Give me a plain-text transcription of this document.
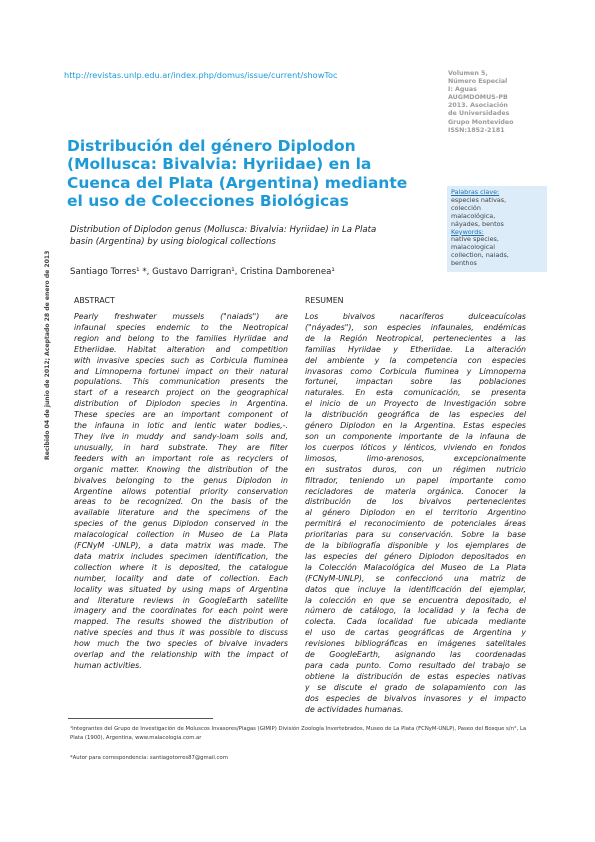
http://revistas.unlp.edu.ar/index.php/domus/issue/current/showToc	Volumen 5,
Número Especial
I: Aguas
AUGMDOMUS-PB
2013. Asociación
de Universidades
Grupo Montevideo
ISSN:1852-2181
Distribución del género Diplodon
(Mollusca: Bivalvia: Hyriidae) en la
Cuenca del Plata (Argentina) mediante
el uso de Colecciones Biológicas
Palabras clave:
especies nativas,
colección
malacológica,
náyades, bentos
Keywords:
native species,
malacological
collection, naiads,
benthos
Distribution of Diplodon genus (Mollusca: Bivalvia: Hyriidae) in La Plata
basin (Argentina) by using biological collections
Santiago Torres¹ *, Gustavo Darrigran¹, Cristina Damborenea¹
ABSTRACT	RESUMEN
Pearly freshwater mussels ("naiads") are
infaunal species endemic to the Neotropical
region and belong to the families Hyriidae and
Etheriidae. Habitat alteration and competition
with invasive species such as Corbicula fluminea
and Limnoperna fortunei impact on their natural
populations. This communication presents the
start of a research project on the geographical
distribution of Diplodon species in Argentina.
These species are an important component of
the infauna in lotic and lentic water bodies,-.
They live in muddy and sandy-loam soils and,
unusually, in hard substrate. They are filter
feeders with an important role as recyclers of
organic matter. Knowing the distribution of the
bivalves belonging to the genus Diplodon in
Argentine allows potential priority conservation
areas to be recognized. On the basis of the
available literature and the specimens of the
species of the genus Diplodon conserved in the
malacological collection in Museo de La Plata
(FCNyM -UNLP), a data matrix was made. The
data matrix includes specimen identification, the
collection where it is deposited, the catalogue
number, locality and date of collection. Each
locality was situated by using maps of Argentina
and literature reviews in GoogleEarth satellite
imagery and the coordinates for each point were
mapped. The results showed the distribution of
native species and thus it was possible to discuss
how much the two species of bivalve invaders
overlap and the relationship with the impact of
human activities.
Los bivalvos nacaríferos dulceacuícolas
("náyades"), son especies infaunales, endémicas
de la Región Neotropical, pertenecientes a las
familias Hyriidae y Etheriidae. La alteración
del ambiente y la competencia con especies
invasoras como Corbicula fluminea y Limnoperna
fortunei, impactan sobre las poblaciones
naturales. En esta comunicación, se presenta
el inicio de un Proyecto de Investigación sobre
la distribución geográfica de las especies del
género Diplodon en la Argentina. Estas especies
son un componente importante de la infauna de
los cuerpos lóticos y lénticos, viviendo en fondos
limosos, limo-arenosos, excepcionalmente
en sustratos duros, con un régimen nutricio
filtrador, teniendo un papel importante como
recicladores de materia orgánica. Conocer la
distribución de los bivalvos pertenecientes
al género Diplodon en el territorio Argentino
permitirá el reconocimiento de potenciales áreas
prioritarias para su conservación. Sobre la base
de la bibliografía disponible y los ejemplares de
las especies del género Diplodon depositados en
la Colección Malacológica del Museo de La Plata
(FCNyM-UNLP), se confeccionó una matriz de
datos que incluye la identificación del ejemplar,
la colección en que se encuentra depositado, el
número de catálogo, la localidad y la fecha de
colecta. Cada localidad fue ubicada mediante
el uso de cartas geográficas de Argentina y
revisiones bibliográficas en imágenes satelitales
de GoogleEarth, asignando las coordenadas
para cada punto. Como resultado del trabajo se
obtiene la distribución de estas especies nativas
y se discute el grado de solapamiento con las
dos especies de bivalvos invasores y el impacto
de actividades humanas.
Recibido 04 de junio de 2012; Aceptado 28 de enero de 2013
¹Integrantes del Grupo de Investigación de Moluscos Invasores/Plagas (GIMIP) División Zoología Invertebrados, Museo de La Plata (FCNyM-UNLP), Paseo del Bosque s/n°, La Plata (1900), Argentina, www.malacologia.com.ar
*Autor para correspondencia: santiagotorres87@gmail.com
